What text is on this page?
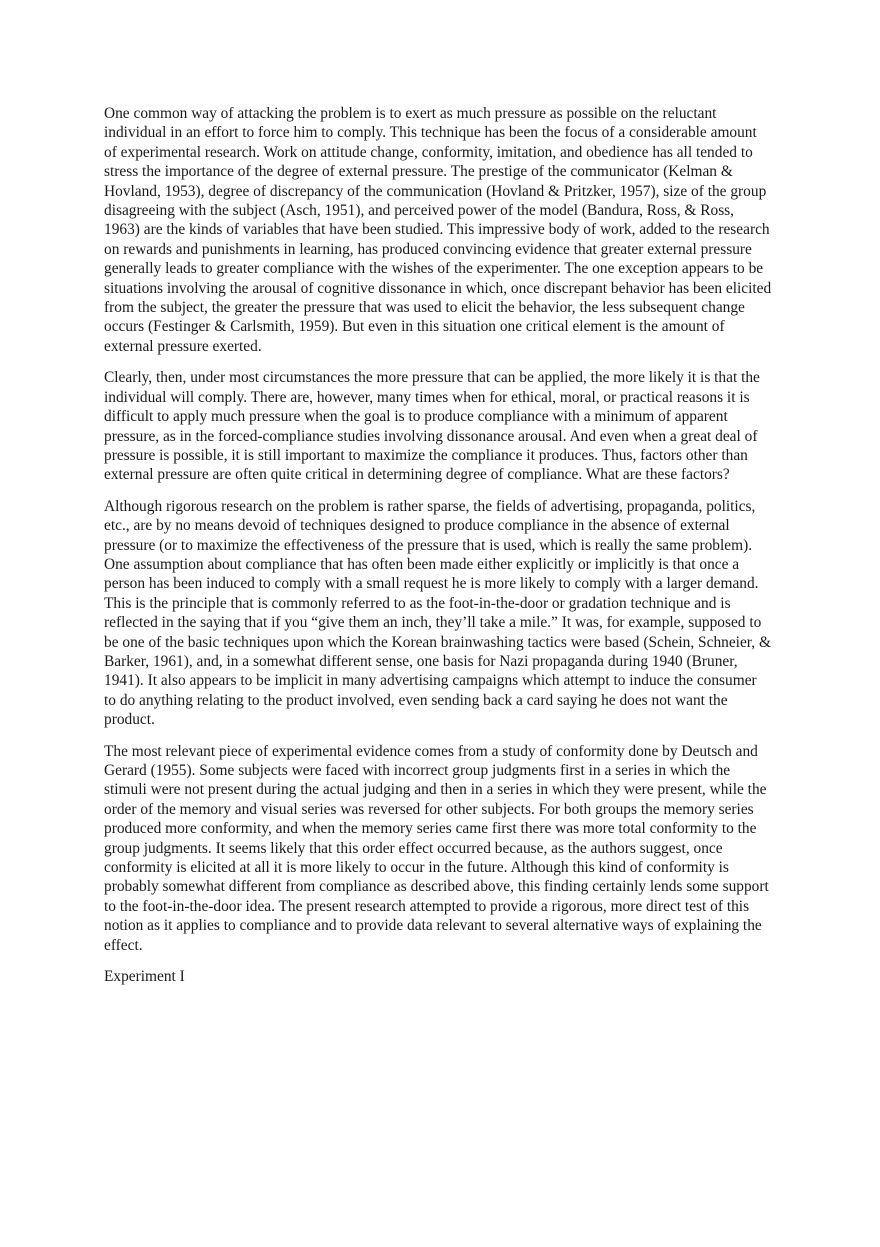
One common way of attacking the problem is to exert as much pressure as possible on the reluctant individual in an effort to force him to comply. This technique has been the focus of a considerable amount of experimental research. Work on attitude change, conformity, imitation, and obedience has all tended to stress the importance of the degree of external pressure. The prestige of the communicator (Kelman & Hovland, 1953), degree of discrepancy of the communication (Hovland & Pritzker, 1957), size of the group disagreeing with the subject (Asch, 1951), and perceived power of the model (Bandura, Ross, & Ross, 1963) are the kinds of variables that have been studied. This impressive body of work, added to the research on rewards and punishments in learning, has produced convincing evidence that greater external pressure generally leads to greater compliance with the wishes of the experimenter. The one exception appears to be situations involving the arousal of cognitive dissonance in which, once discrepant behavior has been elicited from the subject, the greater the pressure that was used to elicit the behavior, the less subsequent change occurs (Festinger & Carlsmith, 1959). But even in this situation one critical element is the amount of external pressure exerted.

Clearly, then, under most circumstances the more pressure that can be applied, the more likely it is that the individual will comply. There are, however, many times when for ethical, moral, or practical reasons it is difficult to apply much pressure when the goal is to produce compliance with a minimum of apparent pressure, as in the forced-compliance studies involving dissonance arousal. And even when a great deal of pressure is possible, it is still important to maximize the compliance it produces. Thus, factors other than external pressure are often quite critical in determining degree of compliance. What are these factors?

Although rigorous research on the problem is rather sparse, the fields of advertising, propaganda, politics, etc., are by no means devoid of techniques designed to produce compliance in the absence of external pressure (or to maximize the effectiveness of the pressure that is used, which is really the same problem). One assumption about compliance that has often been made either explicitly or implicitly is that once a person has been induced to comply with a small request he is more likely to comply with a larger demand. This is the principle that is commonly referred to as the foot-in-the-door or gradation technique and is reflected in the saying that if you “give them an inch, they’ll take a mile.” It was, for example, supposed to be one of the basic techniques upon which the Korean brainwashing tactics were based (Schein, Schneier, & Barker, 1961), and, in a somewhat different sense, one basis for Nazi propaganda during 1940 (Bruner, 1941). It also appears to be implicit in many advertising campaigns which attempt to induce the consumer to do anything relating to the product involved, even sending back a card saying he does not want the product.

The most relevant piece of experimental evidence comes from a study of conformity done by Deutsch and Gerard (1955). Some subjects were faced with incorrect group judgments first in a series in which the stimuli were not present during the actual judging and then in a series in which they were present, while the order of the memory and visual series was reversed for other subjects. For both groups the memory series produced more conformity, and when the memory series came first there was more total conformity to the group judgments. It seems likely that this order effect occurred because, as the authors suggest, once conformity is elicited at all it is more likely to occur in the future. Although this kind of conformity is probably somewhat different from compliance as described above, this finding certainly lends some support to the foot-in-the-door idea. The present research attempted to provide a rigorous, more direct test of this notion as it applies to compliance and to provide data relevant to several alternative ways of explaining the effect.

Experiment I
